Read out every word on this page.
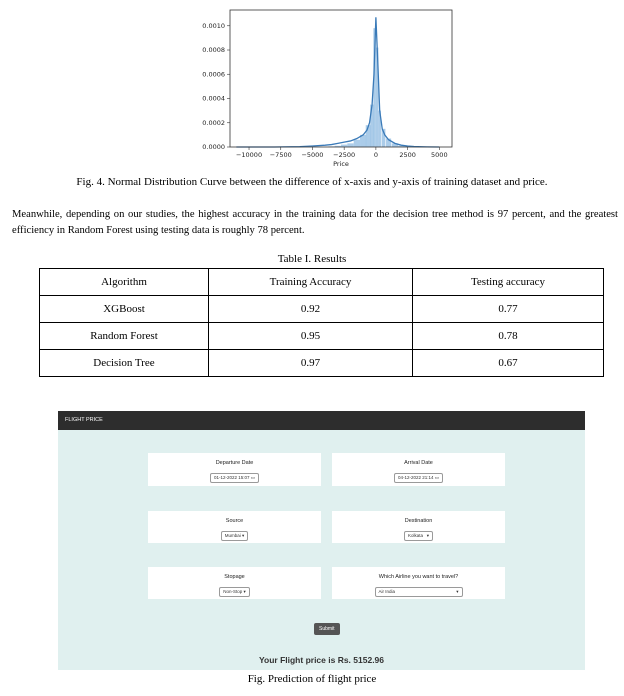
0.0000
0.0002
0.0004
0.0006
0.0008
0.0010
−10000 −7500 −5000 −2500	0	2500 5000
Price
Fig. 4. Normal Distribution Curve between the difference of x-axis and y-axis of training dataset and price.
Meanwhile, depending on our studies, the highest accuracy in the training data for the decision tree method is 97 percent, and the greatest efficiency in Random Forest using testing data is roughly 78 percent.
Table I. Results
Algorithm	Training Accuracy	Testing accuracy
XGBoost	0.92	0.77
Random Forest	0.95	0.78
Decision Tree	0.97	0.67
FLIGHT PRICE
Departure Date
01-12-2022 15:07 ▭
Arrival Date
04-12-2022 21:14 ▭
Source
Mumbai ▾
Destination
Kolkata ▾
Stopage
Non-Stop ▾
Which Airline you want to travel?
Air India	▾
Submit
Your Flight price is Rs. 5152.96
Fig. Prediction of flight price
